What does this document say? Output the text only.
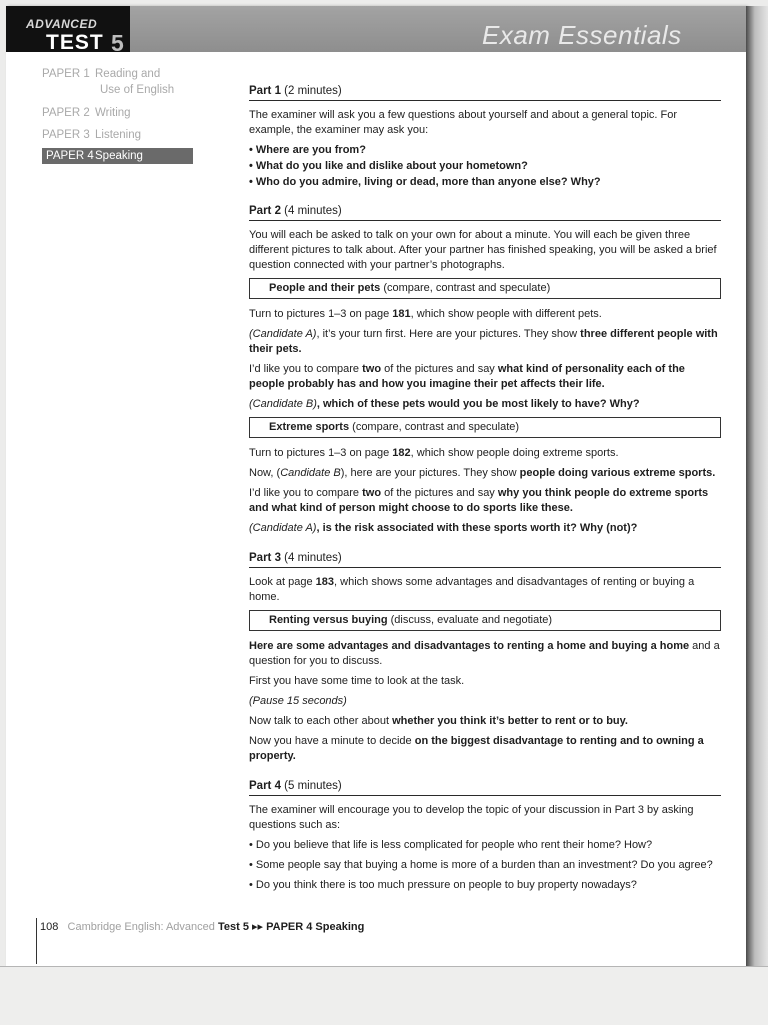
ADVANCED
TEST 5	Exam Essentials
PAPER 1 Reading and
Use of English
PAPER 2 Writing
PAPER 3 Listening
PAPER 4Speaking
Part 1 (2 minutes)

The examiner will ask you a few questions about yourself and about a general topic. For example, the examiner may ask you:

• Where are you from?
• What do you like and dislike about your hometown?
• Who do you admire, living or dead, more than anyone else? Why?
Part 2 (4 minutes)

You will each be asked to talk on your own for about a minute. You will each be given three different pictures to talk about. After your partner has finished speaking, you will be asked a brief question connected with your partner’s photographs.

People and their pets (compare, contrast and speculate)

Turn to pictures 1–3 on page 181, which show people with different pets.

(Candidate A), it’s your turn first. Here are your pictures. They show three different people with their pets.

I’d like you to compare two of the pictures and say what kind of personality each of the people probably has and how you imagine their pet affects their life.

(Candidate B), which of these pets would you be most likely to have? Why?

Extreme sports (compare, contrast and speculate)

Turn to pictures 1–3 on page 182, which show people doing extreme sports.

Now, (Candidate B), here are your pictures. They show people doing various extreme sports.

I’d like you to compare two of the pictures and say why you think people do extreme sports and what kind of person might choose to do sports like these.

(Candidate A), is the risk associated with these sports worth it? Why (not)?

Part 3 (4 minutes)

Look at page 183, which shows some advantages and disadvantages of renting or buying a home.

Renting versus buying (discuss, evaluate and negotiate)

Here are some advantages and disadvantages to renting a home and buying a home and a question for you to discuss.

First you have some time to look at the task.

(Pause 15 seconds)

Now talk to each other about whether you think it’s better to rent or to buy.

Now you have a minute to decide on the biggest disadvantage to renting and to owning a property.

Part 4 (5 minutes)

The examiner will encourage you to develop the topic of your discussion in Part 3 by asking questions such as:

• Do you believe that life is less complicated for people who rent their home? How?
• Some people say that buying a home is more of a burden than an investment? Do you agree?
• Do you think there is too much pressure on people to buy property nowadays?
108 Cambridge English: Advanced Test 5 ▸▸ PAPER 4 Speaking
